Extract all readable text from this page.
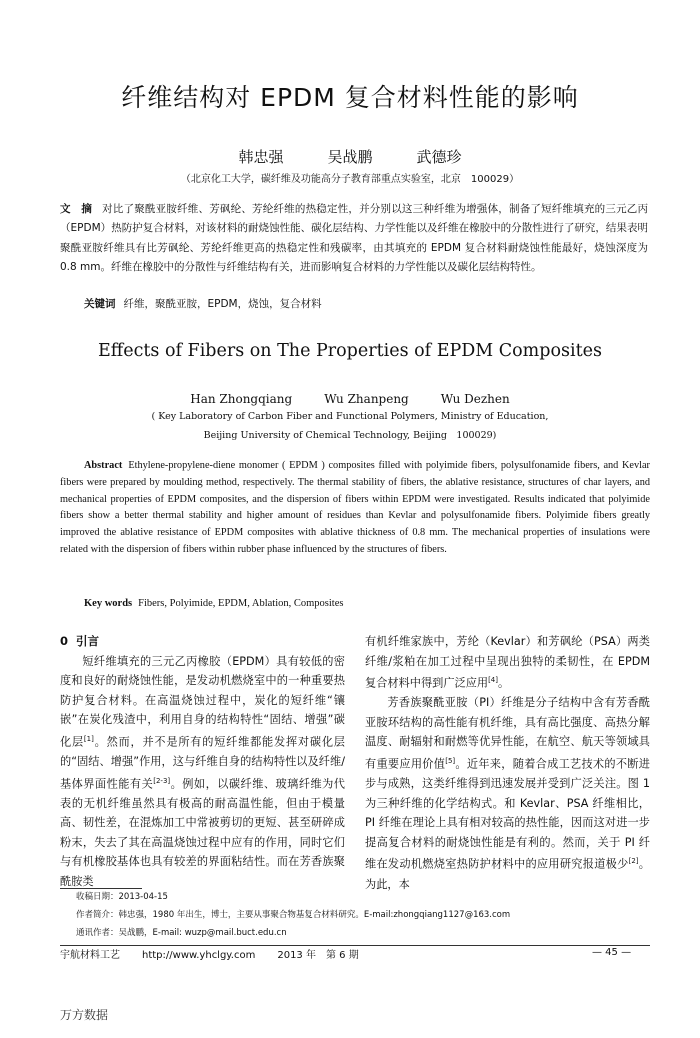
纤维结构对 EPDM 复合材料性能的影响
韩忠强	吴战鹏	武德珍
（北京化工大学，碳纤维及功能高分子教育部重点实验室，北京　100029）
文　摘 对比了聚酰亚胺纤维、芳砜纶、芳纶纤维的热稳定性，并分别以这三种纤维为增强体，制备了短纤维填充的三元乙丙（EPDM）热防护复合材料，对该材料的耐烧蚀性能、碳化层结构、力学性能以及纤维在橡胶中的分散性进行了研究，结果表明聚酰亚胺纤维具有比芳砜纶、芳纶纤维更高的热稳定性和残碳率，由其填充的 EPDM 复合材料耐烧蚀性能最好，烧蚀深度为 0.8 mm。纤维在橡胶中的分散性与纤维结构有关，进而影响复合材料的力学性能以及碳化层结构特性。
关键词 纤维，聚酰亚胺，EPDM，烧蚀，复合材料
Effects of Fibers on The Properties of EPDM Composites
Han Zhongqiang	Wu Zhanpeng	Wu Dezhen
( Key Laboratory of Carbon Fiber and Functional Polymers, Ministry of Education,
Beijing University of Chemical Technology, Beijing　100029)
Abstract Ethylene-propylene-diene monomer ( EPDM ) composites filled with polyimide fibers, polysulfonamide fibers, and Kevlar fibers were prepared by moulding method, respectively. The thermal stability of fibers, the ablative resistance, structures of char layers, and mechanical properties of EPDM composites, and the dispersion of fibers within EPDM were investigated. Results indicated that polyimide fibers show a better thermal stability and higher amount of residues than Kevlar and polysulfonamide fibers. Polyimide fibers greatly improved the ablative resistance of EPDM composites with ablative thickness of 0.8 mm. The mechanical properties of insulations were related with the dispersion of fibers within rubber phase influenced by the structures of fibers.
Key words Fibers, Polyimide, EPDM, Ablation, Composites
0 引言
短纤维填充的三元乙丙橡胶（EPDM）具有较低的密度和良好的耐烧蚀性能，是发动机燃烧室中的一种重要热防护复合材料。在高温烧蚀过程中，炭化的短纤维“镶嵌”在炭化残渣中，利用自身的结构特性“固结、增强”碳化层[1]。然而，并不是所有的短纤维都能发挥对碳化层的“固结、增强”作用，这与纤维自身的结构特性以及纤维/基体界面性能有关[2-3]。例如，以碳纤维、玻璃纤维为代表的无机纤维虽然具有极高的耐高温性能，但由于模量高、韧性差，在混炼加工中常被剪切的更短、甚至研碎成粉末，失去了其在高温烧蚀过程中应有的作用，同时它们与有机橡胶基体也具有较差的界面粘结性。而在芳香族聚酰胺类
有机纤维家族中，芳纶（Kevlar）和芳砜纶（PSA）两类纤维/浆粕在加工过程中呈现出独特的柔韧性，在 EPDM 复合材料中得到广泛应用[4]。
芳香族聚酰亚胺（PI）纤维是分子结构中含有芳香酰亚胺环结构的高性能有机纤维，具有高比强度、高热分解温度、耐辐射和耐燃等优异性能，在航空、航天等领域具有重要应用价值[5]。近年来，随着合成工艺技术的不断进步与成熟，这类纤维得到迅速发展并受到广泛关注。图 1 为三种纤维的化学结构式。和 Kevlar、PSA 纤维相比，PI 纤维在理论上具有相对较高的热性能，因而这对进一步提高复合材料的耐烧蚀性能是有利的。然而，关于 PI 纤维在发动机燃烧室热防护材料中的应用研究报道极少[2]。为此，本
收稿日期：2013-04-15
作者简介：韩忠强，1980 年出生，博士，主要从事聚合物基复合材料研究。E-mail:zhongqiang1127@163.com
通讯作者：吴战鹏，E-mail: wuzp@mail.buct.edu.cn
宇航材料工艺 http://www.yhclgy.com 2013 年　第 6 期	— 45 —
万方数据
